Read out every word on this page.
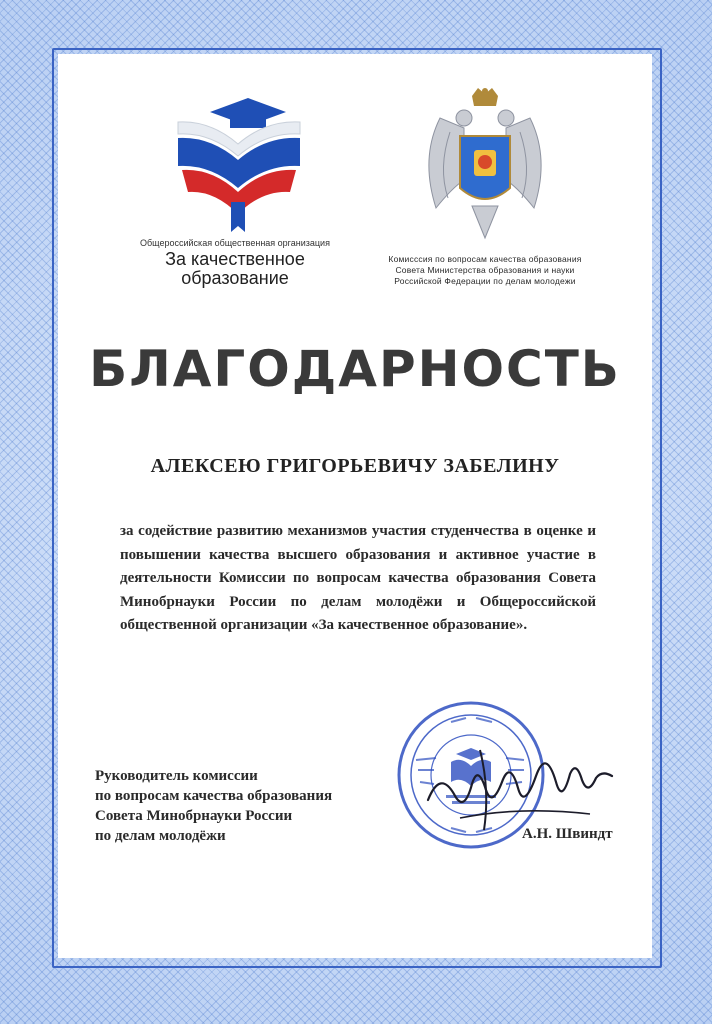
Общероссийская общественная организация
За качественное
образование
Комисссия по вопросам качества образования
Совета Министерства образования и науки
Российской Федерации по делам молодежи
БЛАГОДАРНОСТЬ
АЛЕКСЕЮ ГРИГОРЬЕВИЧУ ЗАБЕЛИНУ
за содействие развитию механизмов участия студенчества в оценке и повышении качества высшего образования и активное участие в деятельности Комиссии по вопросам качества образования Совета Минобрнауки России по делам молодёжи и Общероссийской общественной организации «За качественное образование».
Руководитель комиссии
по вопросам качества образования
Совета Минобрнауки России
по делам молодёжи	А.Н. Швиндт
